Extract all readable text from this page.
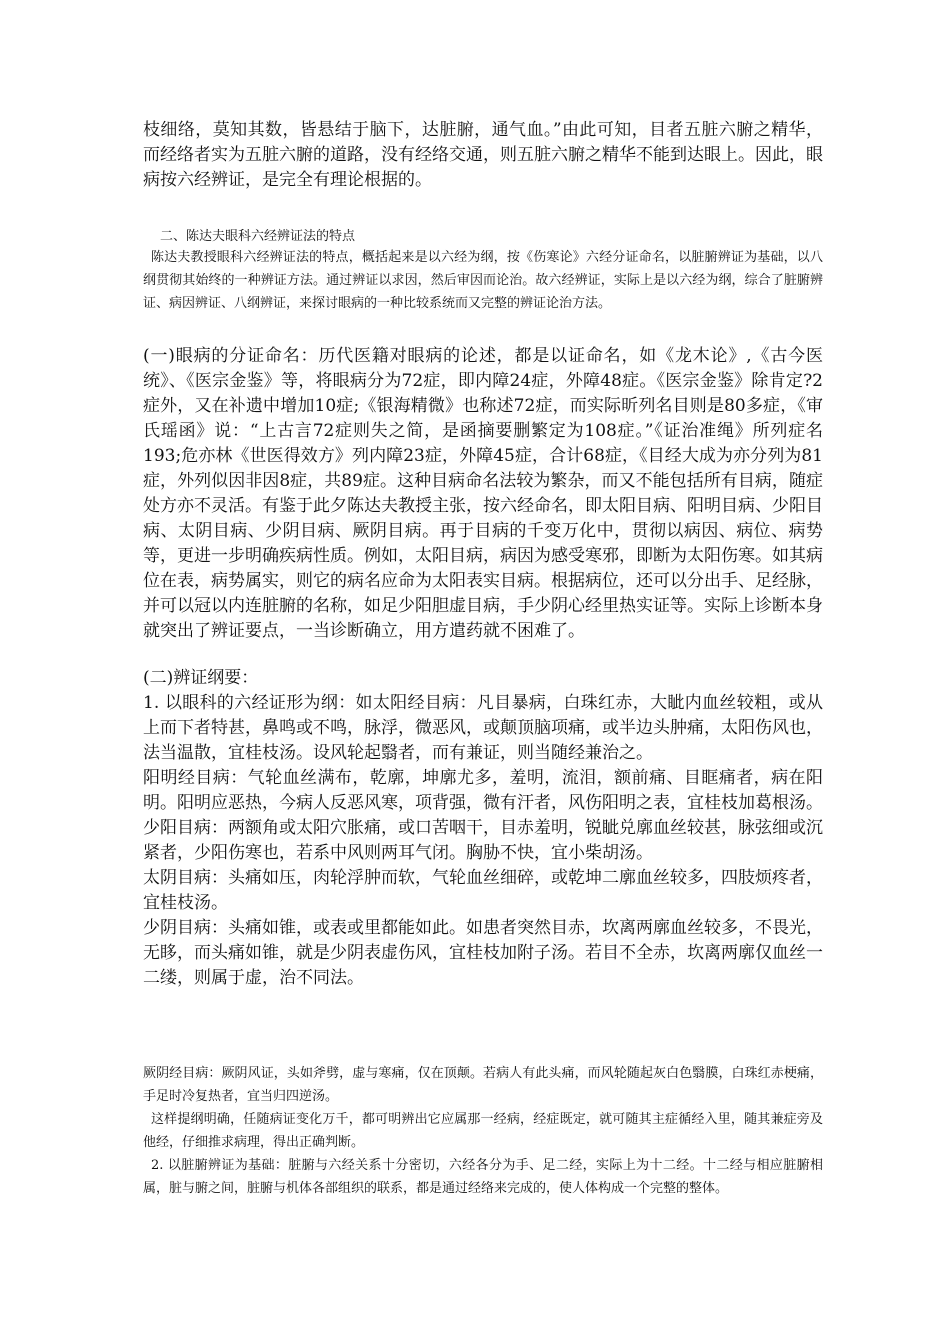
枝细络，莫知其数，皆悬结于脑下，达脏腑，通气血。”由此可知，目者五脏六腑之精华，而经络者实为五脏六腑的道路，没有经络交通，则五脏六腑之精华不能到达眼上。因此，眼病按六经辨证，是完全有理论根据的。

二、陈达夫眼科六经辨证法的特点

陈达夫教授眼科六经辨证法的特点，概括起来是以六经为纲，按《伤寒论》六经分证命名，以脏腑辨证为基础，以八纲贯彻其始终的一种辨证方法。通过辨证以求因，然后审因而论治。故六经辨证，实际上是以六经为纲，综合了脏腑辨证、病因辨证、八纲辨证，来探讨眼病的一种比较系统而又完整的辨证论治方法。

(一)眼病的分证命名：历代医籍对眼病的论述，都是以证命名，如《龙木论》,《古今医统》、《医宗金鉴》等，将眼病分为72症，即内障24症，外障48症。《医宗金鉴》除肯定?2症外，又在补遗中增加10症;《银海精微》也称述72症，而实际昕列名目则是80多症，《审氏瑶函》说：“上古言72症则失之简，是函摘要删繁定为108症。”《证治准绳》所列症名193;危亦林《世医得效方》列内障23症，外障45症，合计68症，《目经大成为亦分列为81症，外列似因非因8症，共89症。这种目病命名法较为繁杂，而又不能包括所有目病，随症处方亦不灵活。有鉴于此夕陈达夫教授主张，按六经命名，即太阳目病、阳明目病、少阳目病、太阴目病、少阴目病、厥阴目病。再于目病的千变万化中，贯彻以病因、病位、病势等，更进一步明确疾病性质。例如，太阳目病，病因为感受寒邪，即断为太阳伤寒。如其病位在表，病势属实，则它的病名应命为太阳表实目病。根据病位，还可以分出手、足经脉，并可以冠以内连脏腑的名称，如足少阳胆虚目病，手少阴心经里热实证等。实际上诊断本身就突出了辨证要点，一当诊断确立，用方遣药就不困难了。

(二)辨证纲要：

1. 以眼科的六经证形为纲：如太阳经目病：凡目暴病，白珠红赤，大眦内血丝较粗，或从上而下者特甚，鼻鸣或不鸣，脉浮，微恶风，或颠顶脑项痛，或半边头肿痛，太阳伤风也，法当温散，宜桂枝汤。设风轮起翳者，而有兼证，则当随经兼治之。

阳明经目病：气轮血丝满布，乾廓，坤廓尤多，羞明，流泪，额前痛、目眶痛者，病在阳明。阳明应恶热，今病人反恶风寒，项背强，微有汗者，风伤阳明之表，宜桂枝加葛根汤。

少阳目病：两额角或太阳穴胀痛，或口苦咽干，目赤羞明，锐眦兑廓血丝较甚，脉弦细或沉紧者，少阳伤寒也，若系中风则两耳气闭。胸胁不快，宜小柴胡汤。

太阴目病：头痛如压，肉轮浮肿而软，气轮血丝细碎，或乾坤二廓血丝较多，四肢烦疼者，宜桂枝汤。

少阴目病：头痛如锥，或表或里都能如此。如患者突然目赤，坎离两廓血丝较多，不畏光，无眵，而头痛如锥，就是少阴表虚伤风，宜桂枝加附子汤。若目不全赤，坎离两廓仅血丝一二缕，则属于虚，治不同法。

厥阴经目病：厥阴风证，头如斧劈，虚与寒痛，仅在顶颠。若病人有此头痛，而风轮随起灰白色翳膜，白珠红赤梗痛，手足时冷复热者，宜当归四逆汤。

这样提纲明确，任随病证变化万千，都可明辨出它应属那一经病，经症既定，就可随其主症循经入里，随其兼症旁及他经，仔细推求病理，得出正确判断。

2. 以脏腑辨证为基础：脏腑与六经关系十分密切，六经各分为手、足二经，实际上为十二经。十二经与相应脏腑相属，脏与腑之间，脏腑与机体各部组织的联系，都是通过经络来完成的，使人体构成一个完整的整体。
